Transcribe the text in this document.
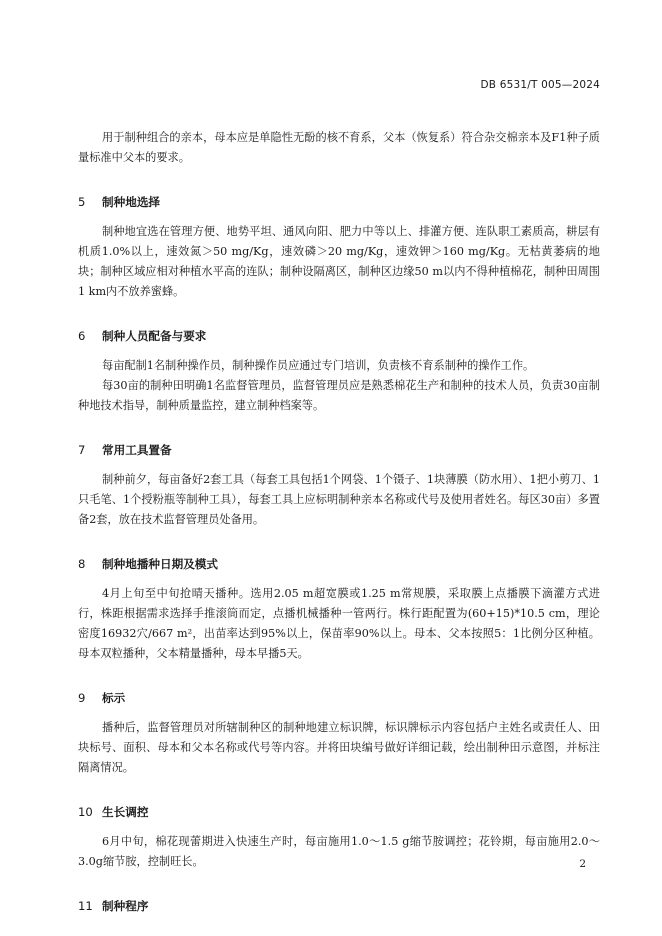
DB 6531/T 005—2024

用于制种组合的亲本，母本应是单隐性无酚的核不育系，父本（恢复系）符合杂交棉亲本及F1种子质量标准中父本的要求。

5 制种地选择

制种地宜选在管理方便、地势平坦、通风向阳、肥力中等以上、排灌方便、连队职工素质高，耕层有机质1.0%以上，速效氮＞50 mg/Kg，速效磷＞20 mg/Kg，速效钾＞160 mg/Kg。无枯黄萎病的地块；制种区域应相对种植水平高的连队；制种设隔离区，制种区边缘50 m以内不得种植棉花，制种田周围1 km内不放养蜜蜂。

6 制种人员配备与要求

每亩配制1名制种操作员，制种操作员应通过专门培训，负责核不育系制种的操作工作。

每30亩的制种田明确1名监督管理员，监督管理员应是熟悉棉花生产和制种的技术人员，负责30亩制种地技术指导，制种质量监控，建立制种档案等。

7 常用工具置备

制种前夕，每亩备好2套工具（每套工具包括1个网袋、1个镊子、1块薄膜（防水用）、1把小剪刀、1只毛笔、1个授粉瓶等制种工具），每套工具上应标明制种亲本名称或代号及使用者姓名。每区30亩）多置备2套，放在技术监督管理员处备用。

8 制种地播种日期及模式

4月上旬至中旬抢晴天播种。选用2.05 m超宽膜或1.25 m常规膜，采取膜上点播膜下滴灌方式进行，株距根据需求选择手推滚筒而定，点播机械播种一管两行。株行距配置为(60+15)*10.5 cm，理论密度16932穴/667 m²，出苗率达到95%以上，保苗率90%以上。母本、父本按照5：1比例分区种植。母本双粒播种，父本精量播种，母本早播5天。

9 标示

播种后，监督管理员对所辖制种区的制种地建立标识牌，标识牌标示内容包括户主姓名或责任人、田块标号、面积、母本和父本名称或代号等内容。并将田块编号做好详细记载，绘出制种田示意图，并标注隔离情况。

10 生长调控

6月中旬，棉花现蕾期进入快速生产时，每亩施用1.0～1.5 g缩节胺调控；花铃期，每亩施用2.0～3.0g缩节胺，控制旺长。

11 制种程序
2
